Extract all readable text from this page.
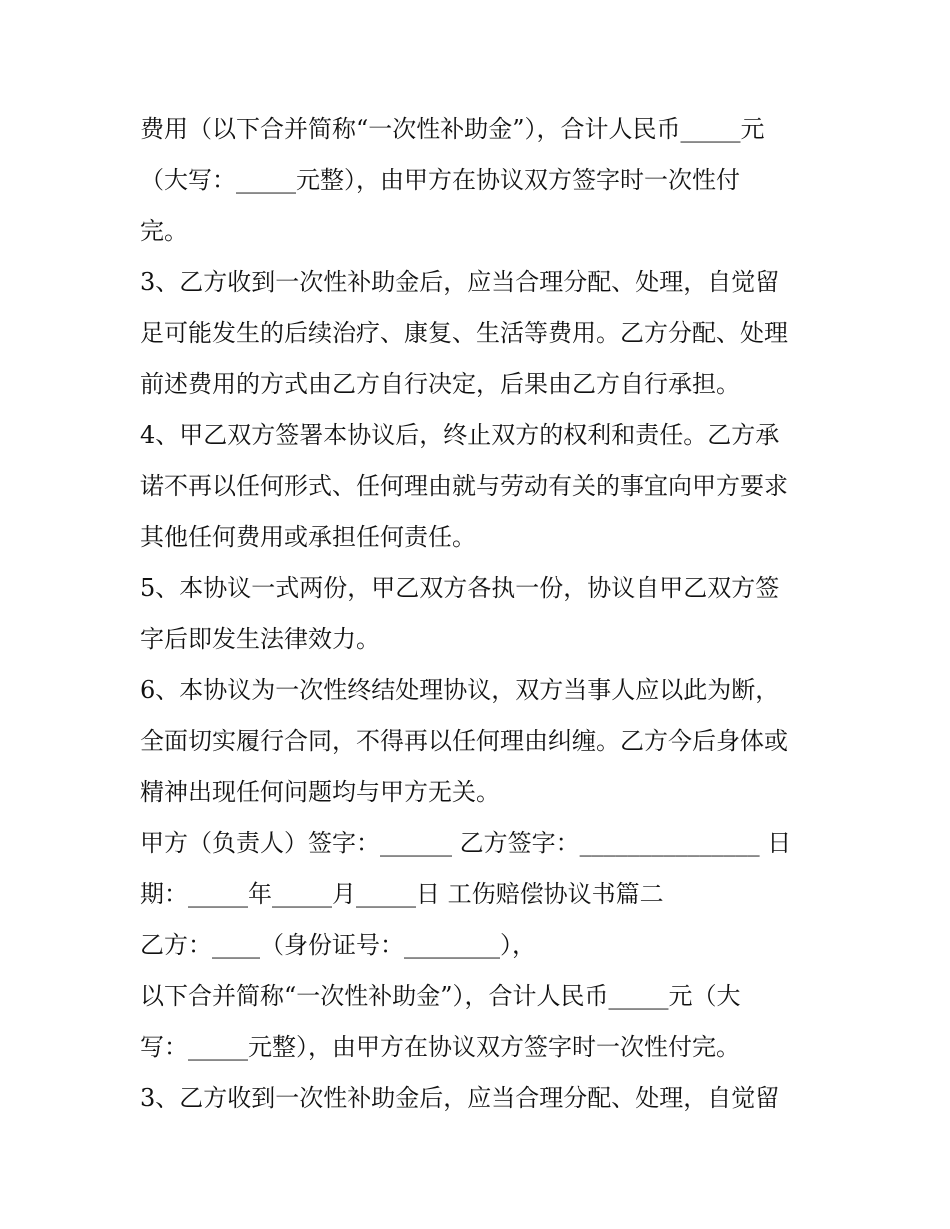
费用（以下合并简称“一次性补助金”），合计人民币_____元
（大写：_____元整），由甲方在协议双方签字时一次性付
完。
3、乙方收到一次性补助金后，应当合理分配、处理，自觉留
足可能发生的后续治疗、康复、生活等费用。乙方分配、处理
前述费用的方式由乙方自行决定，后果由乙方自行承担。
4、甲乙双方签署本协议后，终止双方的权利和责任。乙方承
诺不再以任何形式、任何理由就与劳动有关的事宜向甲方要求
其他任何费用或承担任何责任。
5、本协议一式两份，甲乙双方各执一份，协议自甲乙双方签
字后即发生法律效力。
6、本协议为一次性终结处理协议，双方当事人应以此为断，
全面切实履行合同，不得再以任何理由纠缠。乙方今后身体或
精神出现任何问题均与甲方无关。
甲方（负责人）签字：______ 乙方签字：_______________ 日
期：_____年_____月_____日 工伤赔偿协议书篇二
乙方：____（身份证号：________），
以下合并简称“一次性补助金”），合计人民币_____元（大
写：_____元整），由甲方在协议双方签字时一次性付完。
3、乙方收到一次性补助金后，应当合理分配、处理，自觉留
